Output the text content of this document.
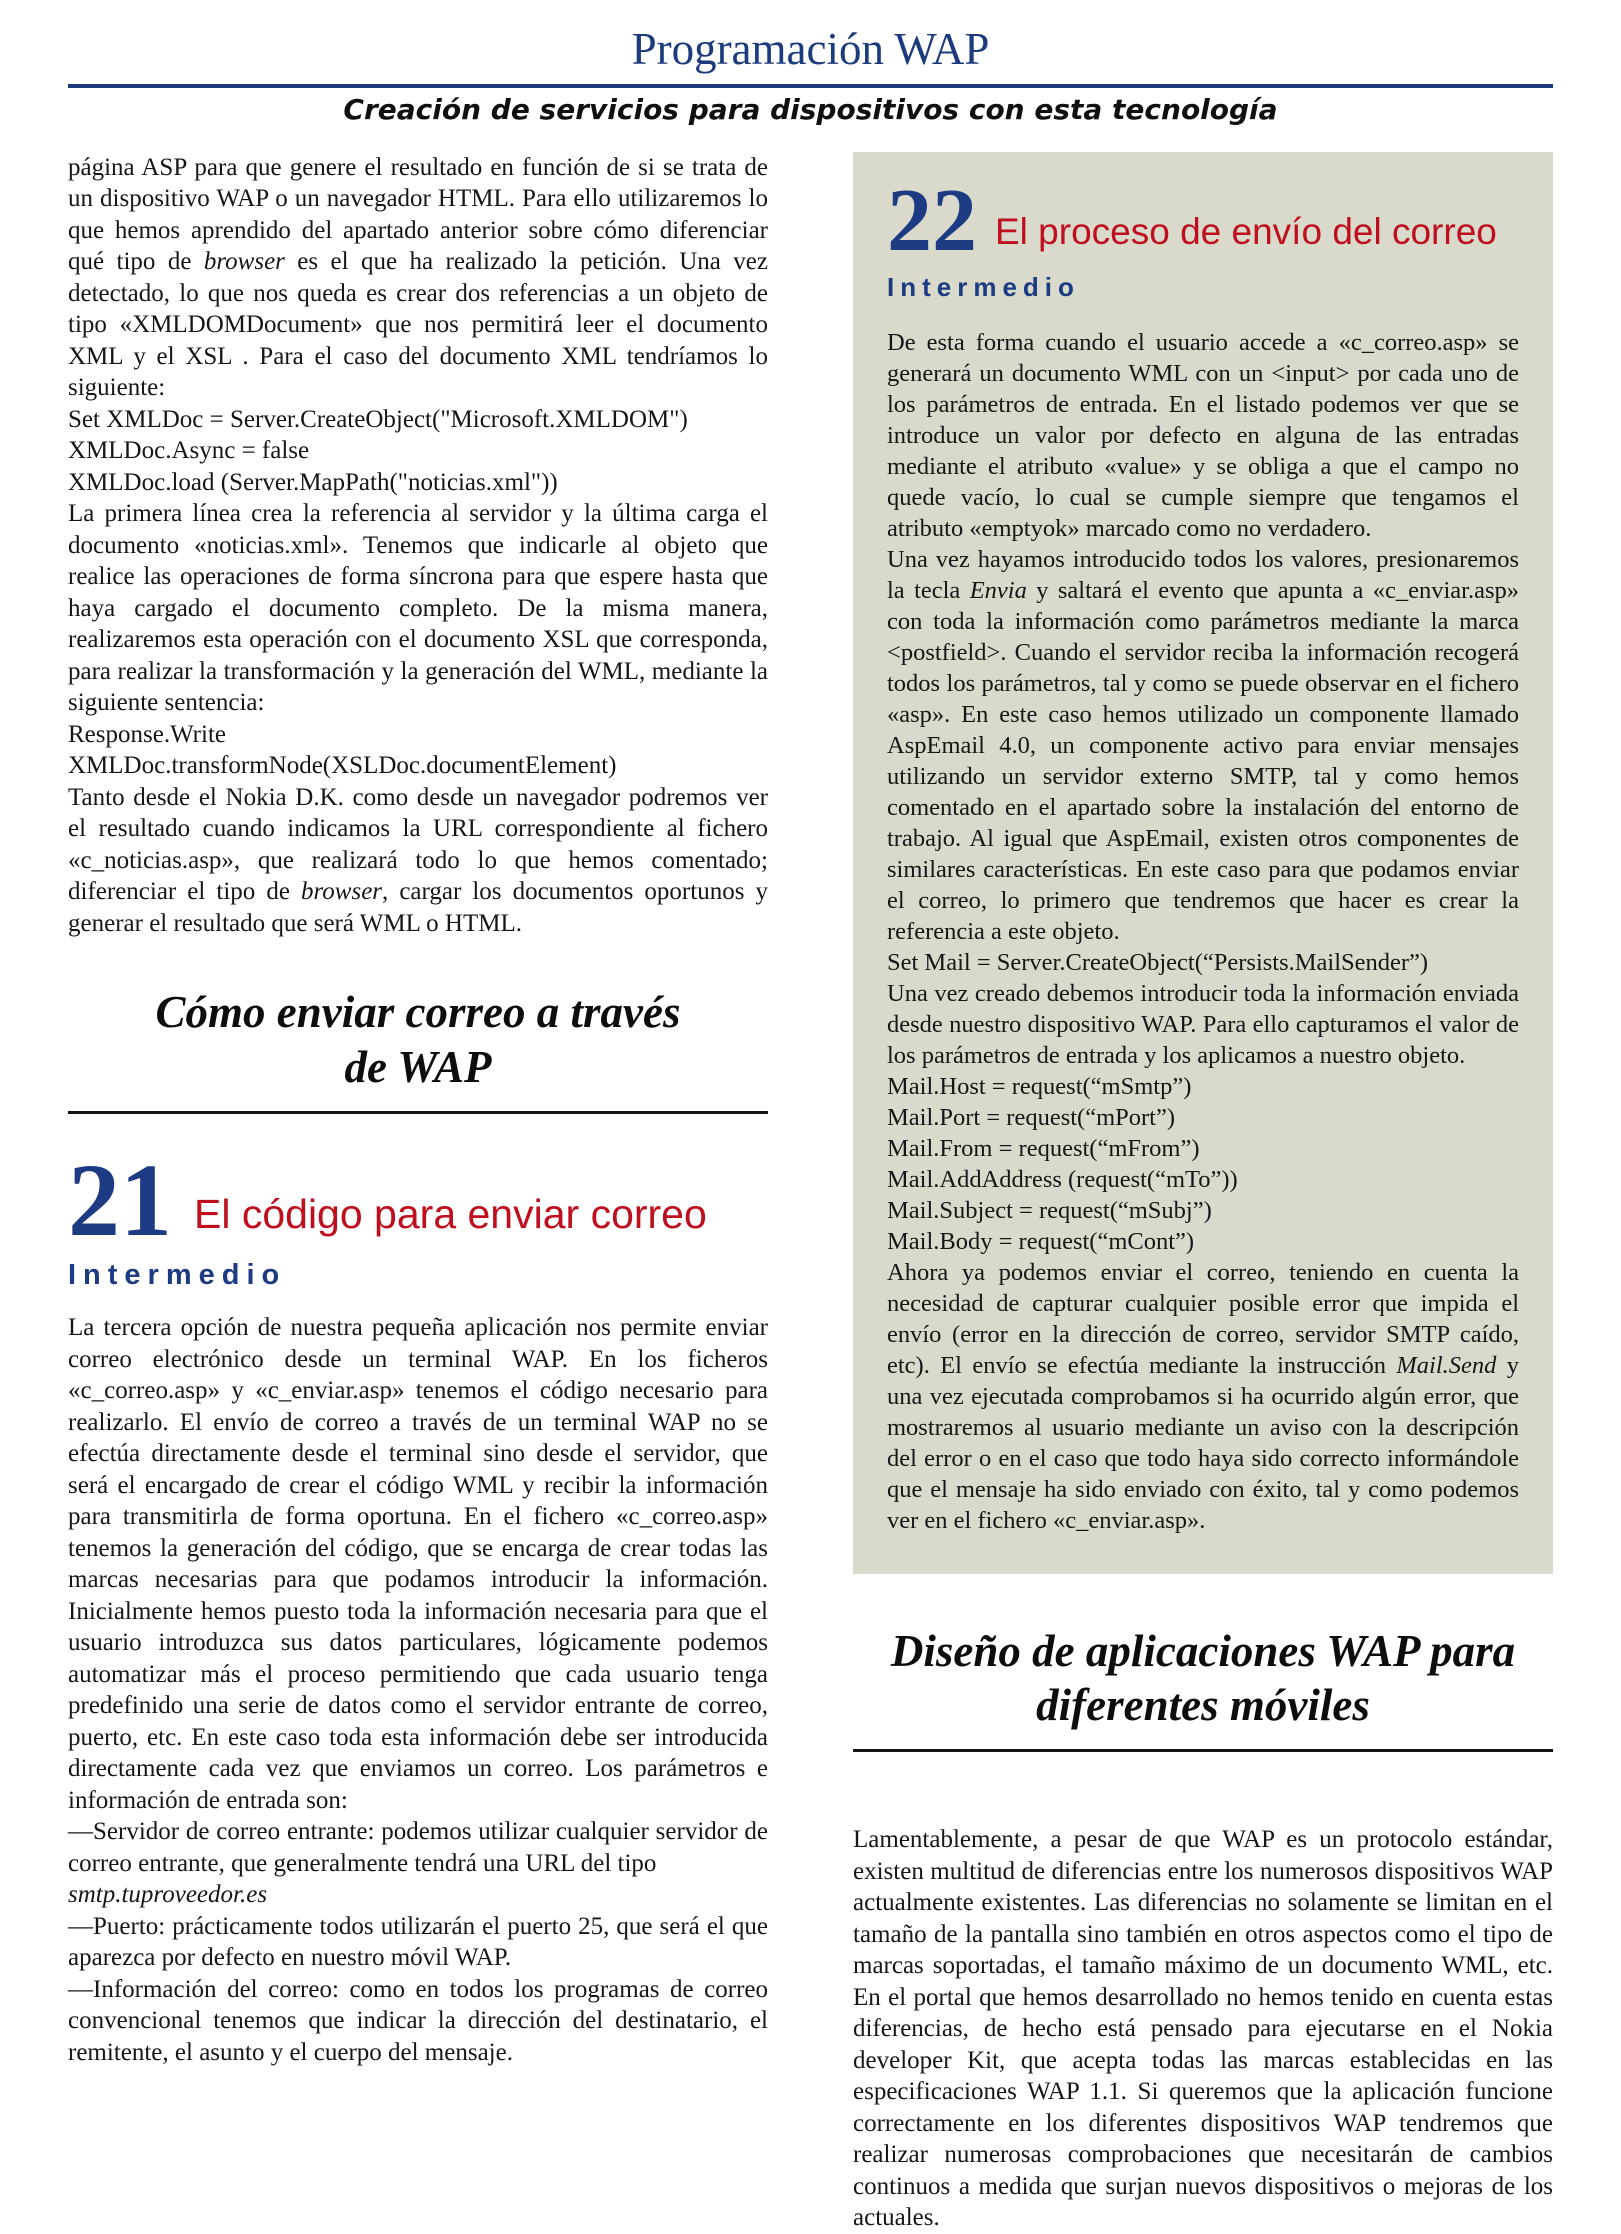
Programación WAP
Creación de servicios para dispositivos con esta tecnología

página ASP para que genere el resultado en función de si se trata de un dispositivo WAP o un navegador HTML. Para ello utilizaremos lo que hemos aprendido del apartado anterior sobre cómo diferenciar qué tipo de browser es el que ha realizado la petición. Una vez detectado, lo que nos queda es crear dos referencias a un objeto de tipo «XMLDOMDocument» que nos permitirá leer el documento XML y el XSL . Para el caso del documento XML tendríamos lo siguiente:

Set XMLDoc = Server.CreateObject("Microsoft.XMLDOM")
XMLDoc.Async = false
XMLDoc.load (Server.MapPath("noticias.xml"))

La primera línea crea la referencia al servidor y la última carga el documento «noticias.xml». Tenemos que indicarle al objeto que realice las operaciones de forma síncrona para que espere hasta que haya cargado el documento completo. De la misma manera, realizaremos esta operación con el documento XSL que corresponda, para realizar la transformación y la generación del WML, mediante la siguiente sentencia:

Response.Write XMLDoc.transformNode(XSLDoc.documentElement)

Tanto desde el Nokia D.K. como desde un navegador podremos ver el resultado cuando indicamos la URL correspondiente al fichero «c_noticias.asp», que realizará todo lo que hemos comentado; diferenciar el tipo de browser, cargar los documentos oportunos y generar el resultado que será WML o HTML.

Cómo enviar correo a través
de WAP
21 El código para enviar correo
Intermedio

La tercera opción de nuestra pequeña aplicación nos permite enviar correo electrónico desde un terminal WAP. En los ficheros «c_correo.asp» y «c_enviar.asp» tenemos el código necesario para realizarlo. El envío de correo a través de un terminal WAP no se efectúa directamente desde el terminal sino desde el servidor, que será el encargado de crear el código WML y recibir la información para transmitirla de forma oportuna. En el fichero «c_correo.asp» tenemos la generación del código, que se encarga de crear todas las marcas necesarias para que podamos introducir la información. Inicialmente hemos puesto toda la información necesaria para que el usuario introduzca sus datos particulares, lógicamente podemos automatizar más el proceso permitiendo que cada usuario tenga predefinido una serie de datos como el servidor entrante de correo, puerto, etc. En este caso toda esta información debe ser introducida directamente cada vez que enviamos un correo. Los parámetros e información de entrada son:

—Servidor de correo entrante: podemos utilizar cualquier servidor de correo entrante, que generalmente tendrá una URL del tipo

smtp.tuproveedor.es

—Puerto: prácticamente todos utilizarán el puerto 25, que será el que aparezca por defecto en nuestro móvil WAP.

—Información del correo: como en todos los programas de correo convencional tenemos que indicar la dirección del destinatario, el remitente, el asunto y el cuerpo del mensaje.

22 El proceso de envío del correo
Intermedio

De esta forma cuando el usuario accede a «c_correo.asp» se generará un documento WML con un <input> por cada uno de los parámetros de entrada. En el listado podemos ver que se introduce un valor por defecto en alguna de las entradas mediante el atributo «value» y se obliga a que el campo no quede vacío, lo cual se cumple siempre que tengamos el atributo «emptyok» marcado como no verdadero.

Una vez hayamos introducido todos los valores, presionaremos la tecla Envia y saltará el evento que apunta a «c_enviar.asp» con toda la información como parámetros mediante la marca <postfield>. Cuando el servidor reciba la información recogerá todos los parámetros, tal y como se puede observar en el fichero «asp». En este caso hemos utilizado un componente llamado AspEmail 4.0, un componente activo para enviar mensajes utilizando un servidor externo SMTP, tal y como hemos comentado en el apartado sobre la instalación del entorno de trabajo. Al igual que AspEmail, existen otros componentes de similares características. En este caso para que podamos enviar el correo, lo primero que tendremos que hacer es crear la referencia a este objeto.

Set Mail = Server.CreateObject(“Persists.MailSender”)

Una vez creado debemos introducir toda la información enviada desde nuestro dispositivo WAP. Para ello capturamos el valor de los parámetros de entrada y los aplicamos a nuestro objeto.

Mail.Host = request(“mSmtp”)
Mail.Port = request(“mPort”)
Mail.From = request(“mFrom”)
Mail.AddAddress (request(“mTo”))
Mail.Subject = request(“mSubj”)
Mail.Body = request(“mCont”)

Ahora ya podemos enviar el correo, teniendo en cuenta la necesidad de capturar cualquier posible error que impida el envío (error en la dirección de correo, servidor SMTP caído, etc). El envío se efectúa mediante la instrucción Mail.Send y una vez ejecutada comprobamos si ha ocurrido algún error, que mostraremos al usuario mediante un aviso con la descripción del error o en el caso que todo haya sido correcto informándole que el mensaje ha sido enviado con éxito, tal y como podemos ver en el fichero «c_enviar.asp».

Diseño de aplicaciones WAP para
diferentes móviles

Lamentablemente, a pesar de que WAP es un protocolo estándar, existen multitud de diferencias entre los numerosos dispositivos WAP actualmente existentes. Las diferencias no solamente se limitan en el tamaño de la pantalla sino también en otros aspectos como el tipo de marcas soportadas, el tamaño máximo de un documento WML, etc. En el portal que hemos desarrollado no hemos tenido en cuenta estas diferencias, de hecho está pensado para ejecutarse en el Nokia developer Kit, que acepta todas las marcas establecidas en las especificaciones WAP 1.1. Si queremos que la aplicación funcione correctamente en los diferentes dispositivos WAP tendremos que realizar numerosas comprobaciones que necesitarán de cambios continuos a medida que surjan nuevos dispositivos o mejoras de los actuales.
